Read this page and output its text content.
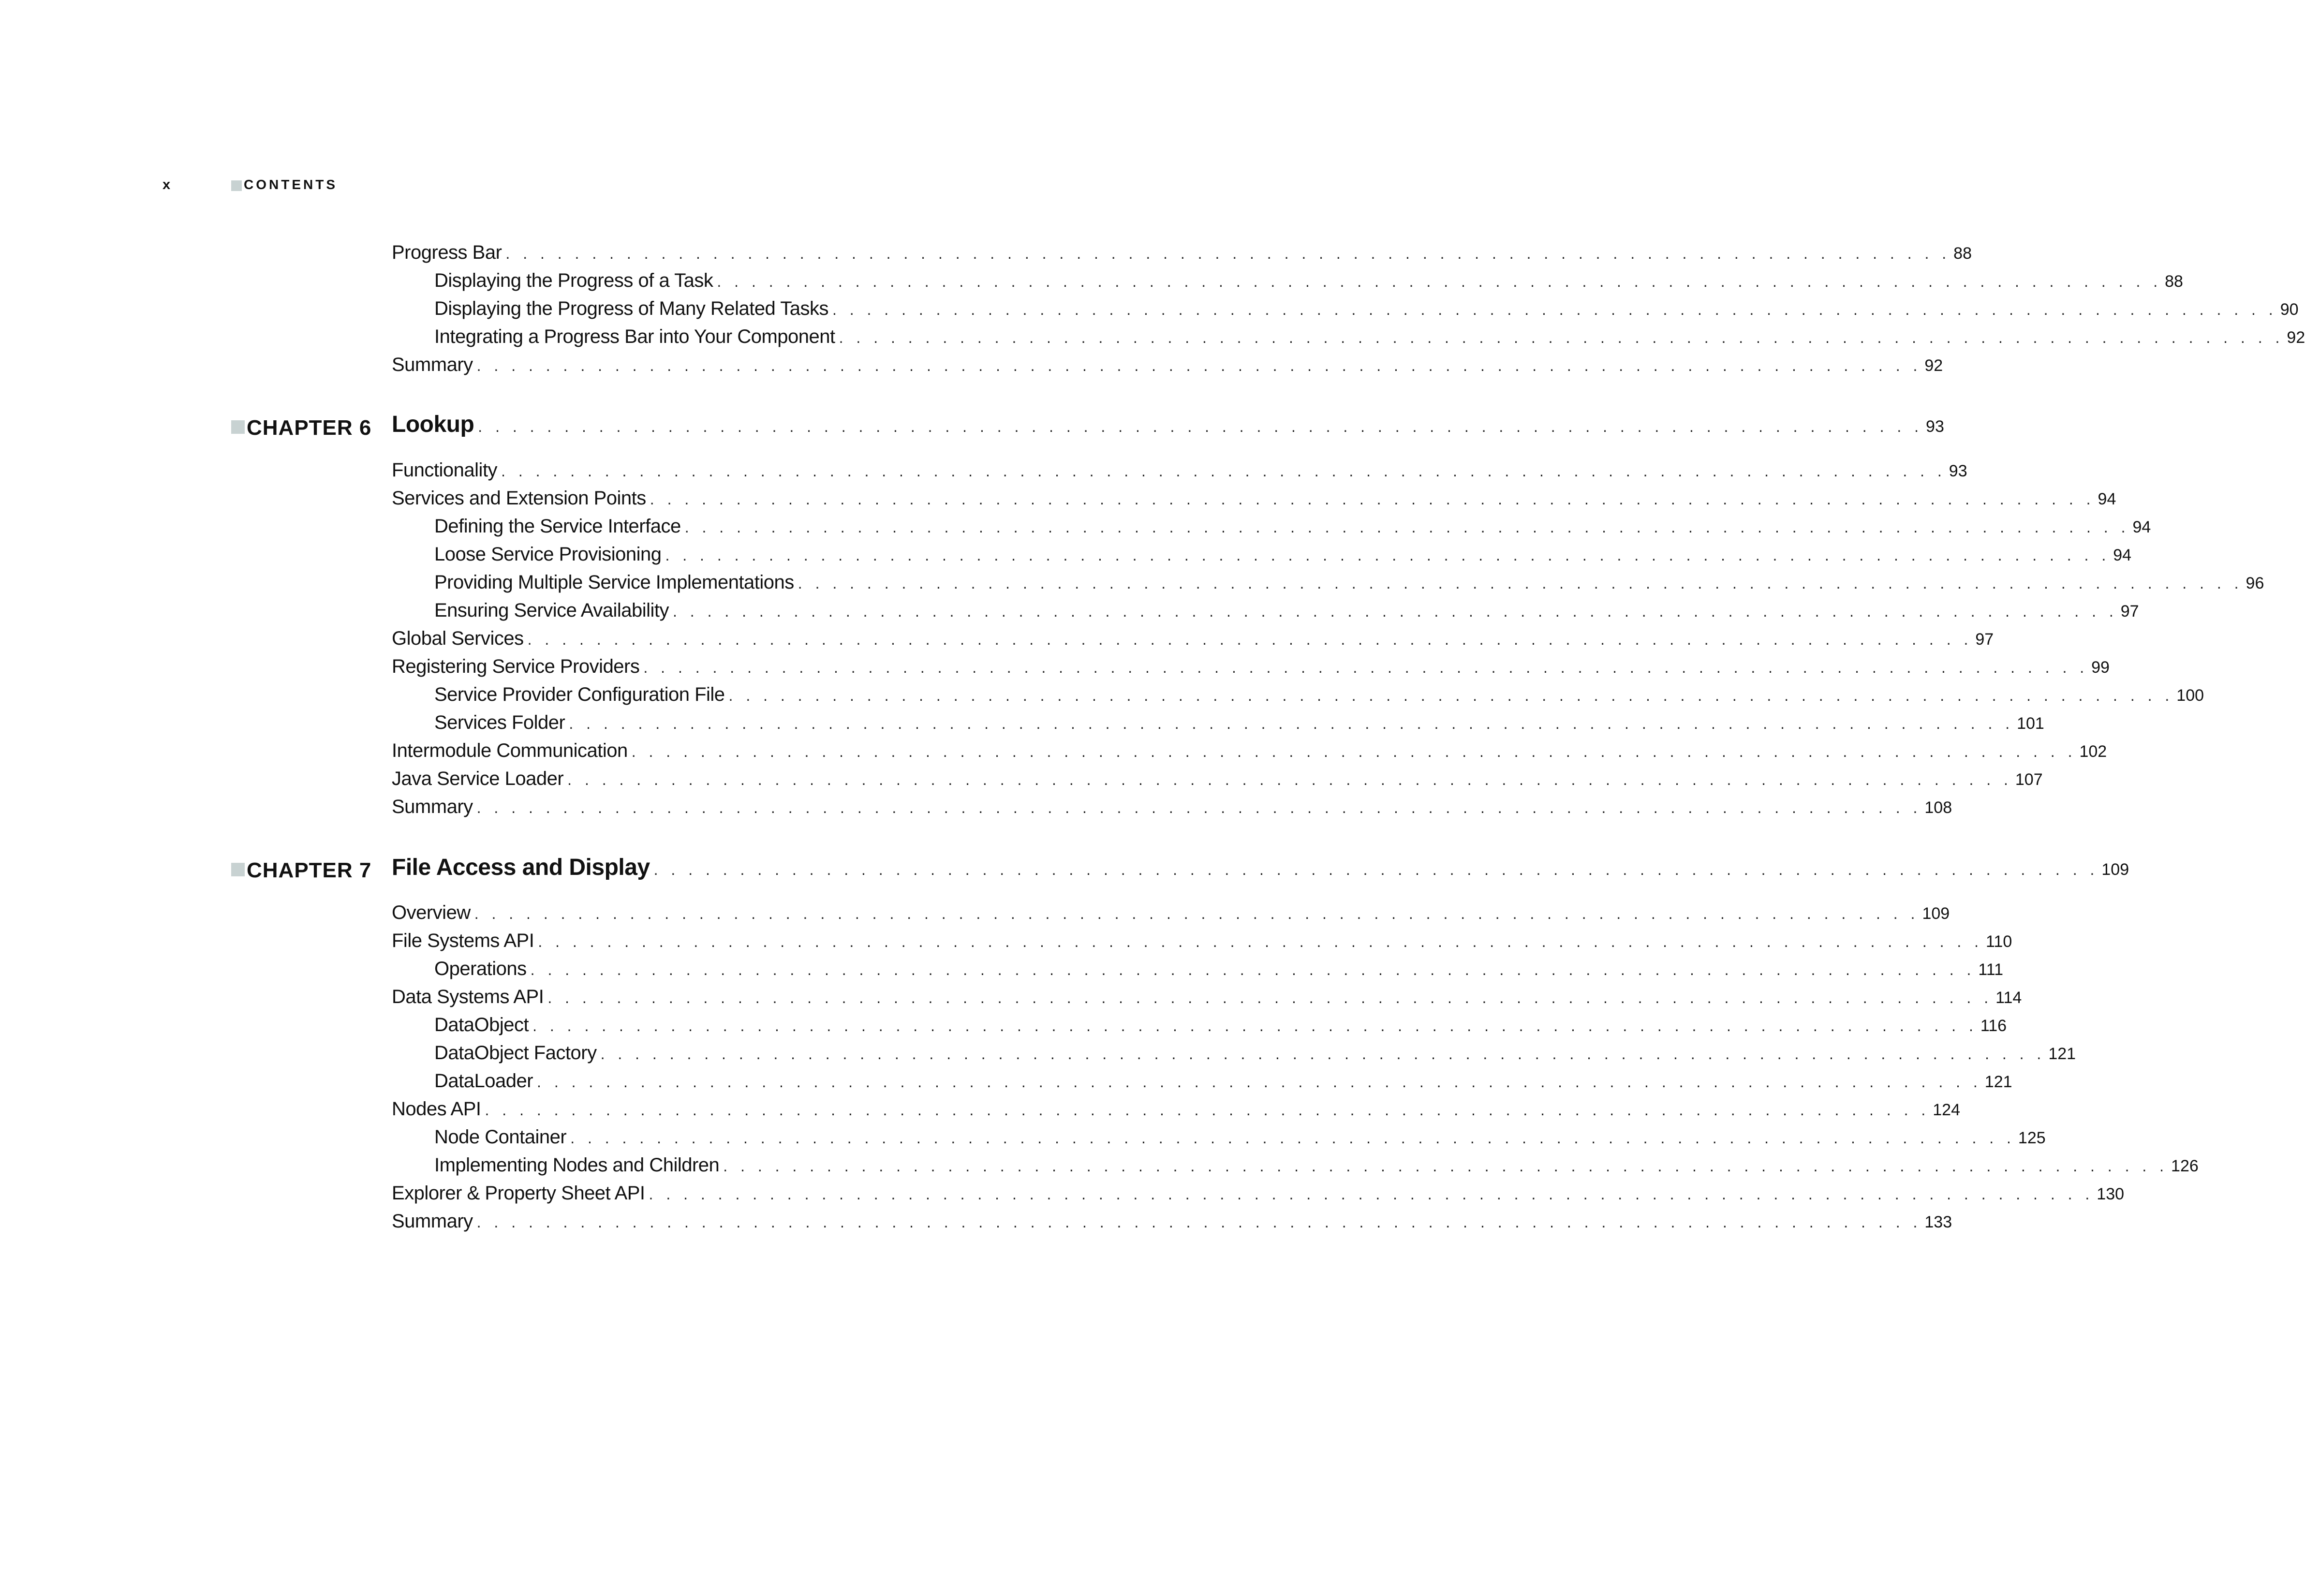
x	CONTENTS
Progress Bar . . . . . . . . . . . . . . . . . . . . . . . . . . . . . . . . . . . . . . . . . . . . . . . . . . . . . . . . . . . . . . . . . . . . . . . . . . . . . . . . . . . . 88
Displaying the Progress of a Task . . . . . . . . . . . . . . . . . . . . . . . . . . . . . . . . . . . . . . . . . . . . . . . . . . . . . . . . . . . . . . . . . . . . . . . . . . . . . . . . . . . . 88
Displaying the Progress of Many Related Tasks . . . . . . . . . . . . . . . . . . . . . . . . . . . . . . . . . . . . . . . . . . . . . . . . . . . . . . . . . . . . . . . . . . . . . . . . . . . . . . . . . . . . 90
Integrating a Progress Bar into Your Component . . . . . . . . . . . . . . . . . . . . . . . . . . . . . . . . . . . . . . . . . . . . . . . . . . . . . . . . . . . . . . . . . . . . . . . . . . . . . . . . . . . . 92
Summary . . . . . . . . . . . . . . . . . . . . . . . . . . . . . . . . . . . . . . . . . . . . . . . . . . . . . . . . . . . . . . . . . . . . . . . . . . . . . . . . . . . . 92
CHAPTER 6 Lookup . . . . . . . . . . . . . . . . . . . . . . . . . . . . . . . . . . . . . . . . . . . . . . . . . . . . . . . . . . . . . . . . . . . . . . . . . . . . . . . . . . . . 93
Functionality . . . . . . . . . . . . . . . . . . . . . . . . . . . . . . . . . . . . . . . . . . . . . . . . . . . . . . . . . . . . . . . . . . . . . . . . . . . . . . . . . . . . 93
Services and Extension Points . . . . . . . . . . . . . . . . . . . . . . . . . . . . . . . . . . . . . . . . . . . . . . . . . . . . . . . . . . . . . . . . . . . . . . . . . . . . . . . . . . . . 94
Defining the Service Interface . . . . . . . . . . . . . . . . . . . . . . . . . . . . . . . . . . . . . . . . . . . . . . . . . . . . . . . . . . . . . . . . . . . . . . . . . . . . . . . . . . . . 94
Loose Service Provisioning . . . . . . . . . . . . . . . . . . . . . . . . . . . . . . . . . . . . . . . . . . . . . . . . . . . . . . . . . . . . . . . . . . . . . . . . . . . . . . . . . . . . 94
Providing Multiple Service Implementations . . . . . . . . . . . . . . . . . . . . . . . . . . . . . . . . . . . . . . . . . . . . . . . . . . . . . . . . . . . . . . . . . . . . . . . . . . . . . . . . . . . . 96
Ensuring Service Availability . . . . . . . . . . . . . . . . . . . . . . . . . . . . . . . . . . . . . . . . . . . . . . . . . . . . . . . . . . . . . . . . . . . . . . . . . . . . . . . . . . . . 97
Global Services . . . . . . . . . . . . . . . . . . . . . . . . . . . . . . . . . . . . . . . . . . . . . . . . . . . . . . . . . . . . . . . . . . . . . . . . . . . . . . . . . . . . 97
Registering Service Providers . . . . . . . . . . . . . . . . . . . . . . . . . . . . . . . . . . . . . . . . . . . . . . . . . . . . . . . . . . . . . . . . . . . . . . . . . . . . . . . . . . . . 99
Service Provider Configuration File . . . . . . . . . . . . . . . . . . . . . . . . . . . . . . . . . . . . . . . . . . . . . . . . . . . . . . . . . . . . . . . . . . . . . . . . . . . . . . . . . . . . 100
Services Folder . . . . . . . . . . . . . . . . . . . . . . . . . . . . . . . . . . . . . . . . . . . . . . . . . . . . . . . . . . . . . . . . . . . . . . . . . . . . . . . . . . . . 101
Intermodule Communication . . . . . . . . . . . . . . . . . . . . . . . . . . . . . . . . . . . . . . . . . . . . . . . . . . . . . . . . . . . . . . . . . . . . . . . . . . . . . . . . . . . . 102
Java Service Loader . . . . . . . . . . . . . . . . . . . . . . . . . . . . . . . . . . . . . . . . . . . . . . . . . . . . . . . . . . . . . . . . . . . . . . . . . . . . . . . . . . . . 107
Summary . . . . . . . . . . . . . . . . . . . . . . . . . . . . . . . . . . . . . . . . . . . . . . . . . . . . . . . . . . . . . . . . . . . . . . . . . . . . . . . . . . . . 108
CHAPTER 7 File Access and Display . . . . . . . . . . . . . . . . . . . . . . . . . . . . . . . . . . . . . . . . . . . . . . . . . . . . . . . . . . . . . . . . . . . . . . . . . . . . . . . . . . . . 109
Overview . . . . . . . . . . . . . . . . . . . . . . . . . . . . . . . . . . . . . . . . . . . . . . . . . . . . . . . . . . . . . . . . . . . . . . . . . . . . . . . . . . . . 109
File Systems API . . . . . . . . . . . . . . . . . . . . . . . . . . . . . . . . . . . . . . . . . . . . . . . . . . . . . . . . . . . . . . . . . . . . . . . . . . . . . . . . . . . . 110
Operations . . . . . . . . . . . . . . . . . . . . . . . . . . . . . . . . . . . . . . . . . . . . . . . . . . . . . . . . . . . . . . . . . . . . . . . . . . . . . . . . . . . . 111
Data Systems API . . . . . . . . . . . . . . . . . . . . . . . . . . . . . . . . . . . . . . . . . . . . . . . . . . . . . . . . . . . . . . . . . . . . . . . . . . . . . . . . . . . . 114
DataObject . . . . . . . . . . . . . . . . . . . . . . . . . . . . . . . . . . . . . . . . . . . . . . . . . . . . . . . . . . . . . . . . . . . . . . . . . . . . . . . . . . . . 116
DataObject Factory . . . . . . . . . . . . . . . . . . . . . . . . . . . . . . . . . . . . . . . . . . . . . . . . . . . . . . . . . . . . . . . . . . . . . . . . . . . . . . . . . . . . 121
DataLoader . . . . . . . . . . . . . . . . . . . . . . . . . . . . . . . . . . . . . . . . . . . . . . . . . . . . . . . . . . . . . . . . . . . . . . . . . . . . . . . . . . . . 121
Nodes API . . . . . . . . . . . . . . . . . . . . . . . . . . . . . . . . . . . . . . . . . . . . . . . . . . . . . . . . . . . . . . . . . . . . . . . . . . . . . . . . . . . . 124
Node Container . . . . . . . . . . . . . . . . . . . . . . . . . . . . . . . . . . . . . . . . . . . . . . . . . . . . . . . . . . . . . . . . . . . . . . . . . . . . . . . . . . . . 125
Implementing Nodes and Children . . . . . . . . . . . . . . . . . . . . . . . . . . . . . . . . . . . . . . . . . . . . . . . . . . . . . . . . . . . . . . . . . . . . . . . . . . . . . . . . . . . . 126
Explorer & Property Sheet API . . . . . . . . . . . . . . . . . . . . . . . . . . . . . . . . . . . . . . . . . . . . . . . . . . . . . . . . . . . . . . . . . . . . . . . . . . . . . . . . . . . . 130
Summary . . . . . . . . . . . . . . . . . . . . . . . . . . . . . . . . . . . . . . . . . . . . . . . . . . . . . . . . . . . . . . . . . . . . . . . . . . . . . . . . . . . . 133
